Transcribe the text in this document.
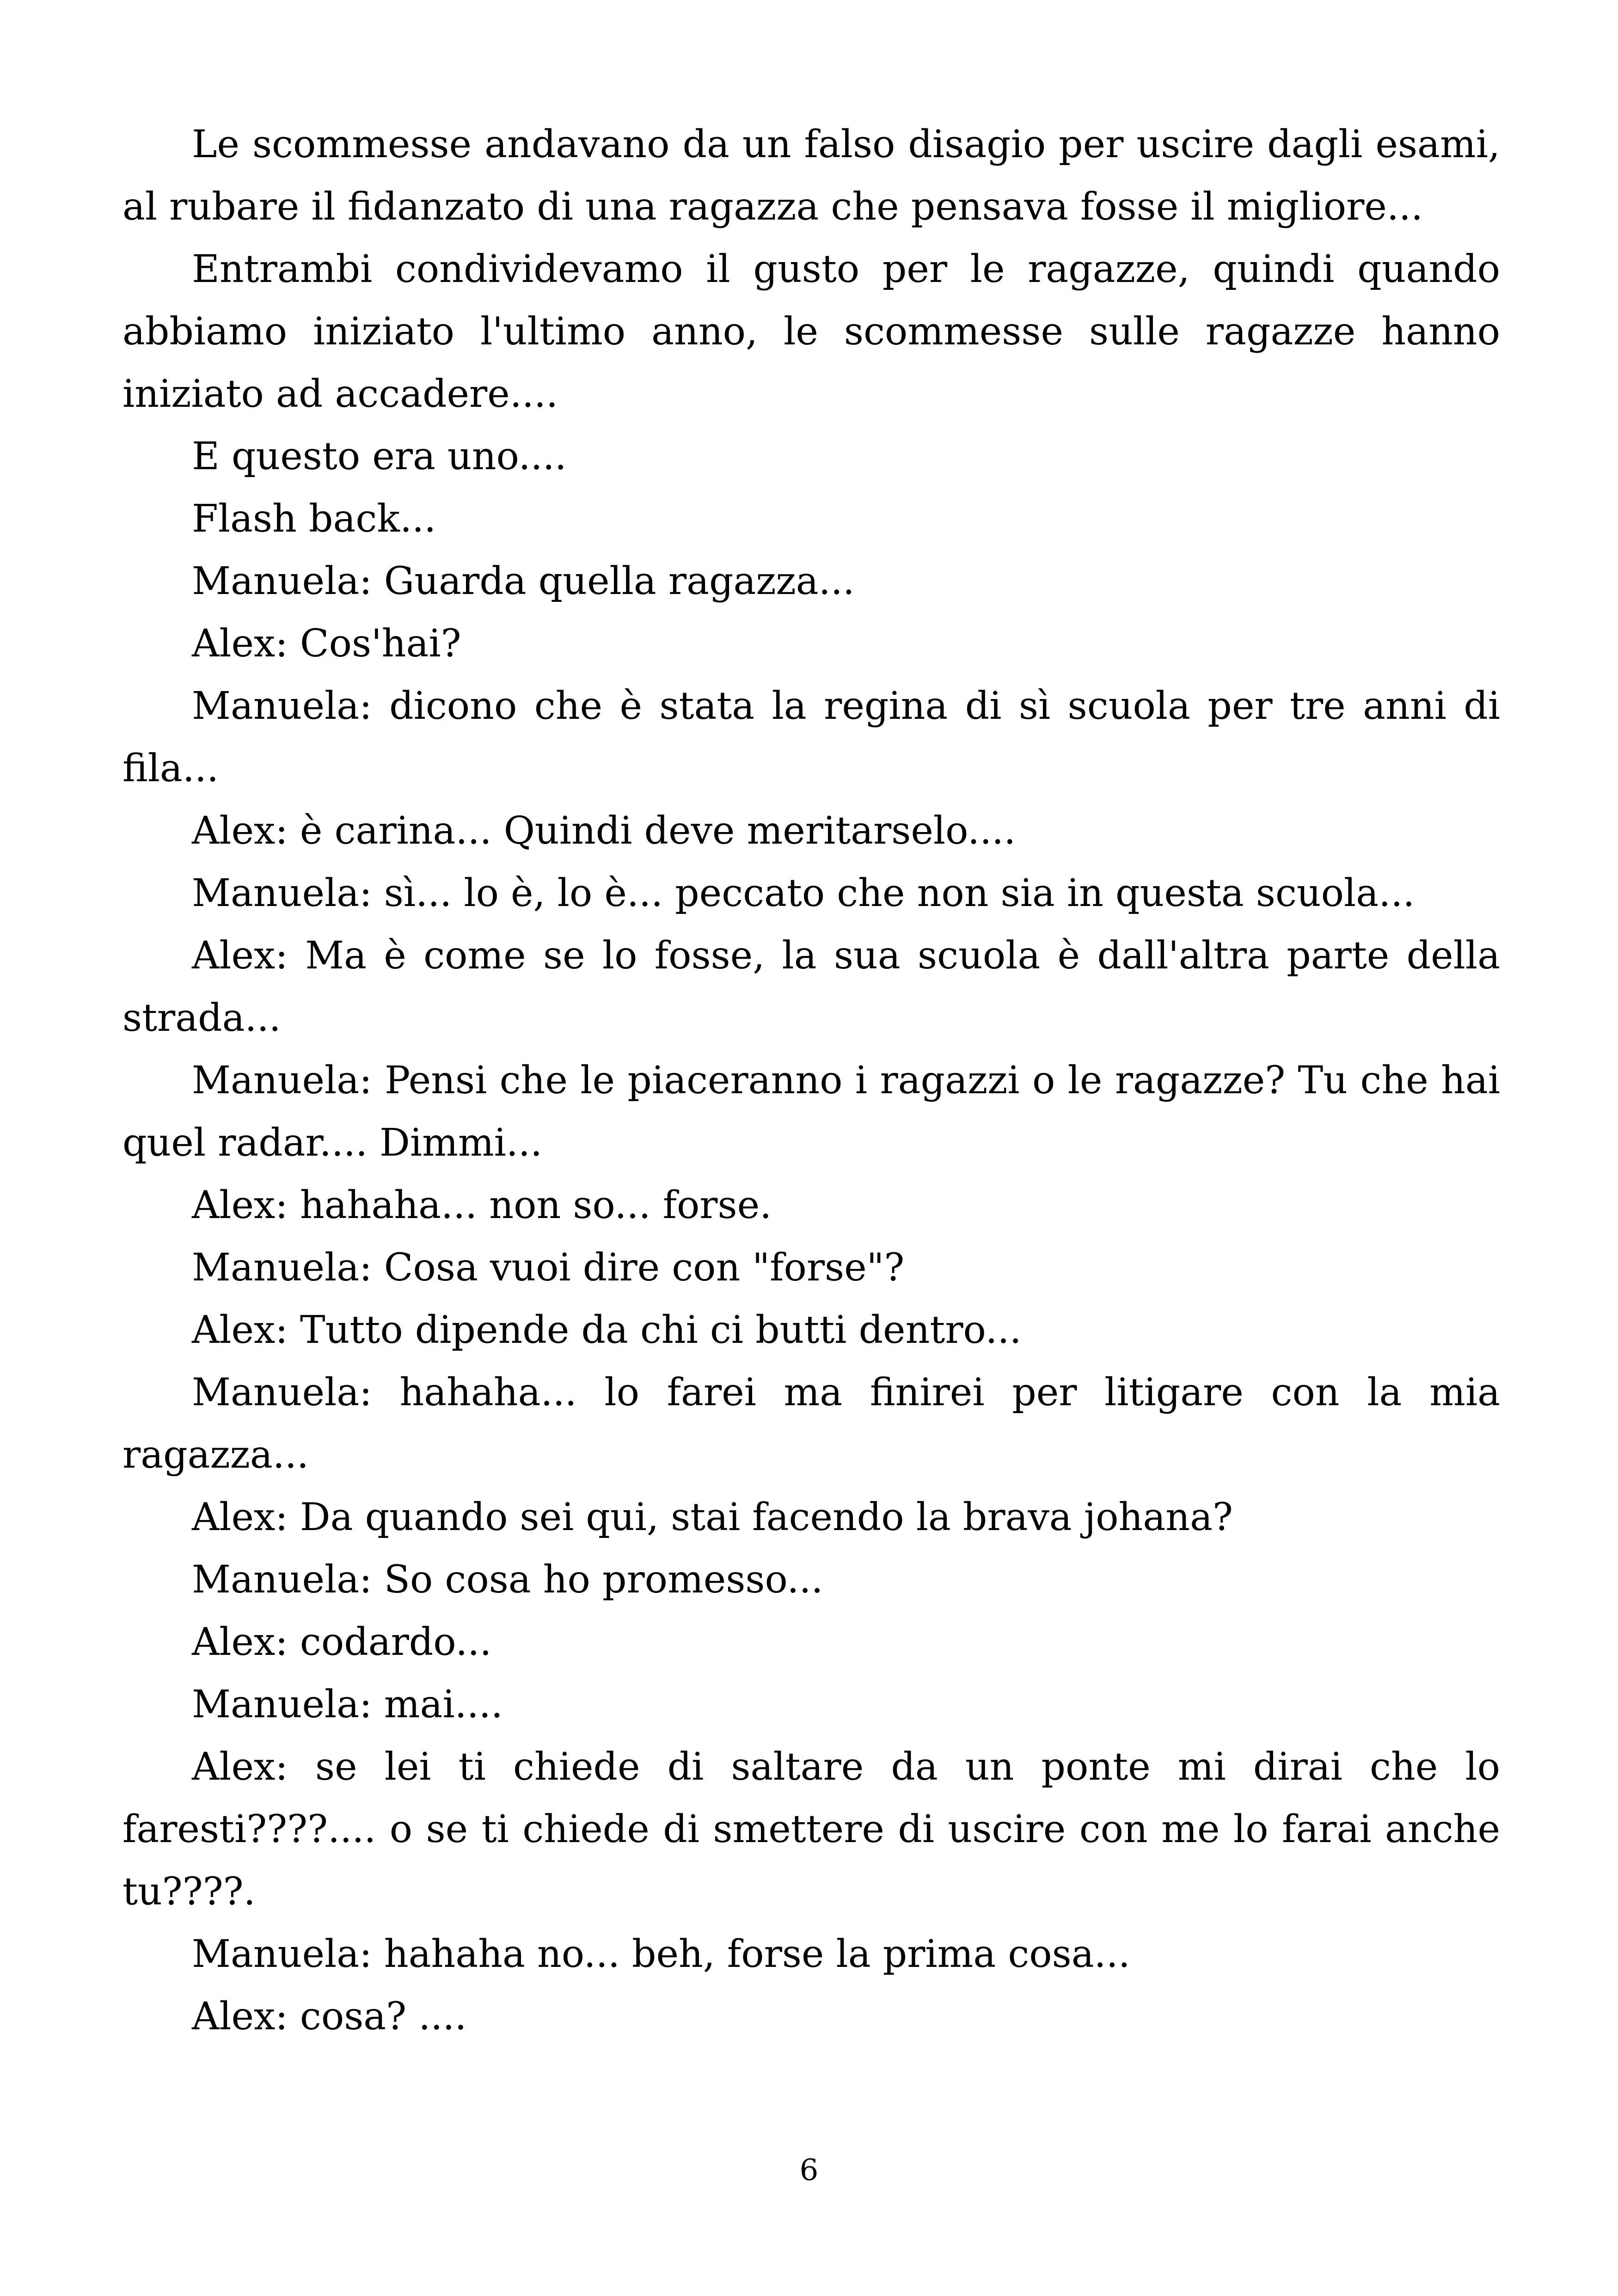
Le scommesse andavano da un falso disagio per uscire dagli esami, al rubare il fidanzato di una ragazza che pensava fosse il migliore...

Entrambi condividevamo il gusto per le ragazze, quindi quando abbiamo iniziato l'ultimo anno, le scommesse sulle ragazze hanno iniziato ad accadere....

E questo era uno....

Flash back...

Manuela: Guarda quella ragazza...

Alex: Cos'hai?

Manuela: dicono che è stata la regina di sì scuola per tre anni di fila...

Alex: è carina... Quindi deve meritarselo....

Manuela: sì... lo è, lo è... peccato che non sia in questa scuola...

Alex: Ma è come se lo fosse, la sua scuola è dall'altra parte della strada...

Manuela: Pensi che le piaceranno i ragazzi o le ragazze? Tu che hai quel radar.... Dimmi...

Alex: hahaha... non so... forse.

Manuela: Cosa vuoi dire con "forse"?

Alex: Tutto dipende da chi ci butti dentro...

Manuela: hahaha... lo farei ma finirei per litigare con la mia ragazza...

Alex: Da quando sei qui, stai facendo la brava johana?

Manuela: So cosa ho promesso...

Alex: codardo...

Manuela: mai....

Alex: se lei ti chiede di saltare da un ponte mi dirai che lo faresti????.... o se ti chiede di smettere di uscire con me lo farai anche tu????.

Manuela: hahaha no... beh, forse la prima cosa...

Alex: cosa? ....

6
